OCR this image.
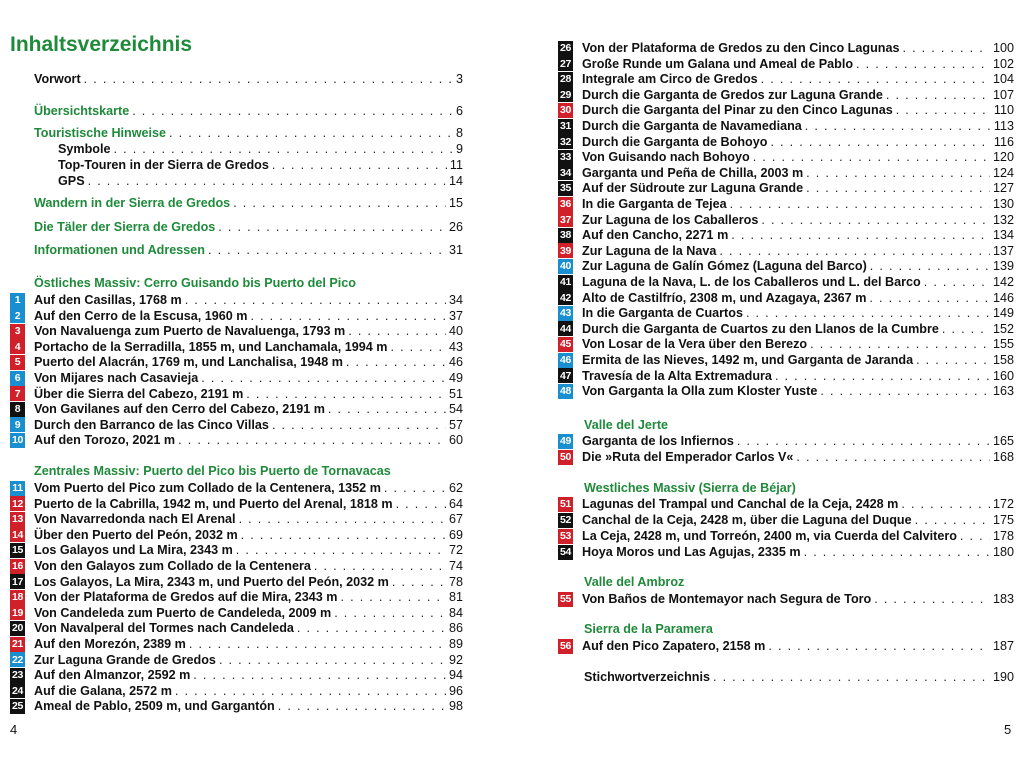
Inhaltsverzeichnis
Vorwort . . .	3
Übersichtskarte . . .	6
Touristische Hinweise . . .	8
Symbole . . .	9
Top-Touren in der Sierra de Gredos . . .	11
GPS . . .	14
Wandern in der Sierra de Gredos . . .	15
Die Täler der Sierra de Gredos . . .	26
Informationen und Adressen . . .	31
Östliches Massiv: Cerro Guisando bis Puerto del Pico
Zentrales Massiv: Puerto del Pico bis Puerto de Tornavacas
1	Auf den Casillas, 1768 m . . .	34
2	Auf den Cerro de la Escusa, 1960 m . . .	37
3	Von Navaluenga zum Puerto de Navaluenga, 1793 m . . .	40
4	Portacho de la Serradilla, 1855 m, und Lanchamala, 1994 m . . .	43
5	Puerto del Alacrán, 1769 m, und Lanchalisa, 1948 m . . .	46
6	Von Mijares nach Casavieja . . .	49
7	Über die Sierra del Cabezo, 2191 m . . .	51
8	Von Gavilanes auf den Cerro del Cabezo, 2191 m . . .	54
9	Durch den Barranco de las Cinco Villas . . .	57
10 Auf den Torozo, 2021 m . . .	60
11 Vom Puerto del Pico zum Collado de la Centenera, 1352 m . . .	62
12 Puerto de la Cabrilla, 1942 m, und Puerto del Arenal, 1818 m . . .	64
13 Von Navarredonda nach El Arenal . . .	67
14 Über den Puerto del Peón, 2032 m . . .	69
15 Los Galayos und La Mira, 2343 m . . .	72
16 Von den Galayos zum Collado de la Centenera . . .	74
17 Los Galayos, La Mira, 2343 m, und Puerto del Peón, 2032 m . . .	78
18 Von der Plataforma de Gredos auf die Mira, 2343 m . . .	81
19 Von Candeleda zum Puerto de Candeleda, 2009 m . . .	84
20 Von Navalperal del Tormes nach Candeleda . . .	86
21 Auf den Morezón, 2389 m . . .	89
22 Zur Laguna Grande de Gredos . . .	92
23 Auf den Almanzor, 2592 m . . .	94
24 Auf die Galana, 2572 m . . .	96
25 Ameal de Pablo, 2509 m, und Gargantón . . .	98
4
26 Von der Plataforma de Gredos zu den Cinco Lagunas . . .	100
27 Große Runde um Galana und Ameal de Pablo . . .	102
28 Integrale am Circo de Gredos . . .	104
29 Durch die Garganta de Gredos zur Laguna Grande . . .	107
30 Durch die Garganta del Pinar zu den Cinco Lagunas . . .	110
31 Durch die Garganta de Navamediana . . .	113
32 Durch die Garganta de Bohoyo . . .	116
33 Von Guisando nach Bohoyo . . .	120
34 Garganta und Peña de Chilla, 2003 m . . .	124
35 Auf der Südroute zur Laguna Grande . . .	127
36 In die Garganta de Tejea . . .	130
37 Zur Laguna de los Caballeros . . .	132
38 Auf den Cancho, 2271 m . . .	134
39 Zur Laguna de la Nava . . .	137
40 Zur Laguna de Galín Gómez (Laguna del Barco) . . .	139
41 Laguna de la Nava, L. de los Caballeros und L. del Barco . . .	142
42 Alto de Castilfrío, 2308 m, und Azagaya, 2367 m . . .	146
43 In die Garganta de Cuartos . . .	149
44 Durch die Garganta de Cuartos zu den Llanos de la Cumbre . . .	152
45 Von Losar de la Vera über den Berezo . . .	155
46 Ermita de las Nieves, 1492 m, und Garganta de Jaranda . . .	158
47 Travesía de la Alta Extremadura . . .	160
48 Von Garganta la Olla zum Kloster Yuste . . .	163
49 Garganta de los Infiernos . . .	165
50 Die »Ruta del Emperador Carlos V« . . .	168
51 Lagunas del Trampal und Canchal de la Ceja, 2428 m . . .	172
52 Canchal de la Ceja, 2428 m, über die Laguna del Duque . . .	175
53 La Ceja, 2428 m, und Torreón, 2400 m, via Cuerda del Calvitero . . .	178
54 Hoya Moros und Las Agujas, 2335 m . . .	180
55 Von Baños de Montemayor nach Segura de Toro . . .	183
56 Auf den Pico Zapatero, 2158 m . . .	187
Valle del Jerte
Westliches Massiv (Sierra de Béjar)
Valle del Ambroz
Sierra de la Paramera
Stichwortverzeichnis . . .	190
5
